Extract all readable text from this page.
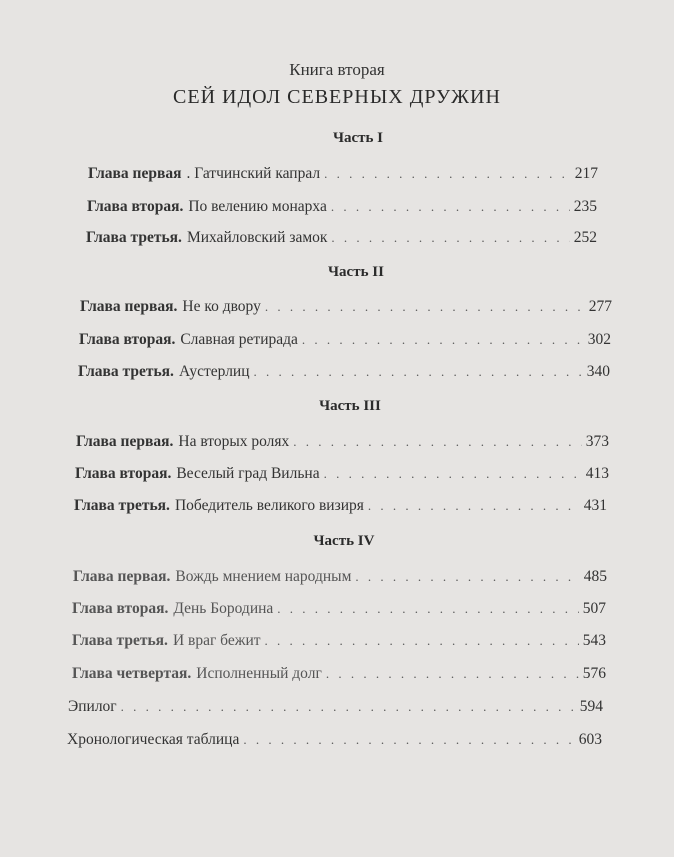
Книга вторая
СЕЙ ИДОЛ СЕВЕРНЫХ ДРУЖИН
Часть I
Глава первая . Гатчинский капрал . . .	217
Глава вторая. По велению монарха . . .	235
Глава третья. Михайловский замок . . .	252
Часть II
Глава первая. Не ко двору . . .	277
Глава вторая. Славная ретирада . . .	302
Глава третья. Аустерлиц . . .	340
Часть III
Глава первая. На вторых ролях . . .	373
Глава вторая. Веселый град Вильна . . .	413
Глава третья. Победитель великого визиря . . .	431
Часть IV
Глава первая. Вождь мнением народным . . .	485
Глава вторая. День Бородина . . .	507
Глава третья. И враг бежит . . .	543
Глава четвертая. Исполненный долг . . .	576
Эпилог . . .	594
Хронологическая таблица . . .	603
